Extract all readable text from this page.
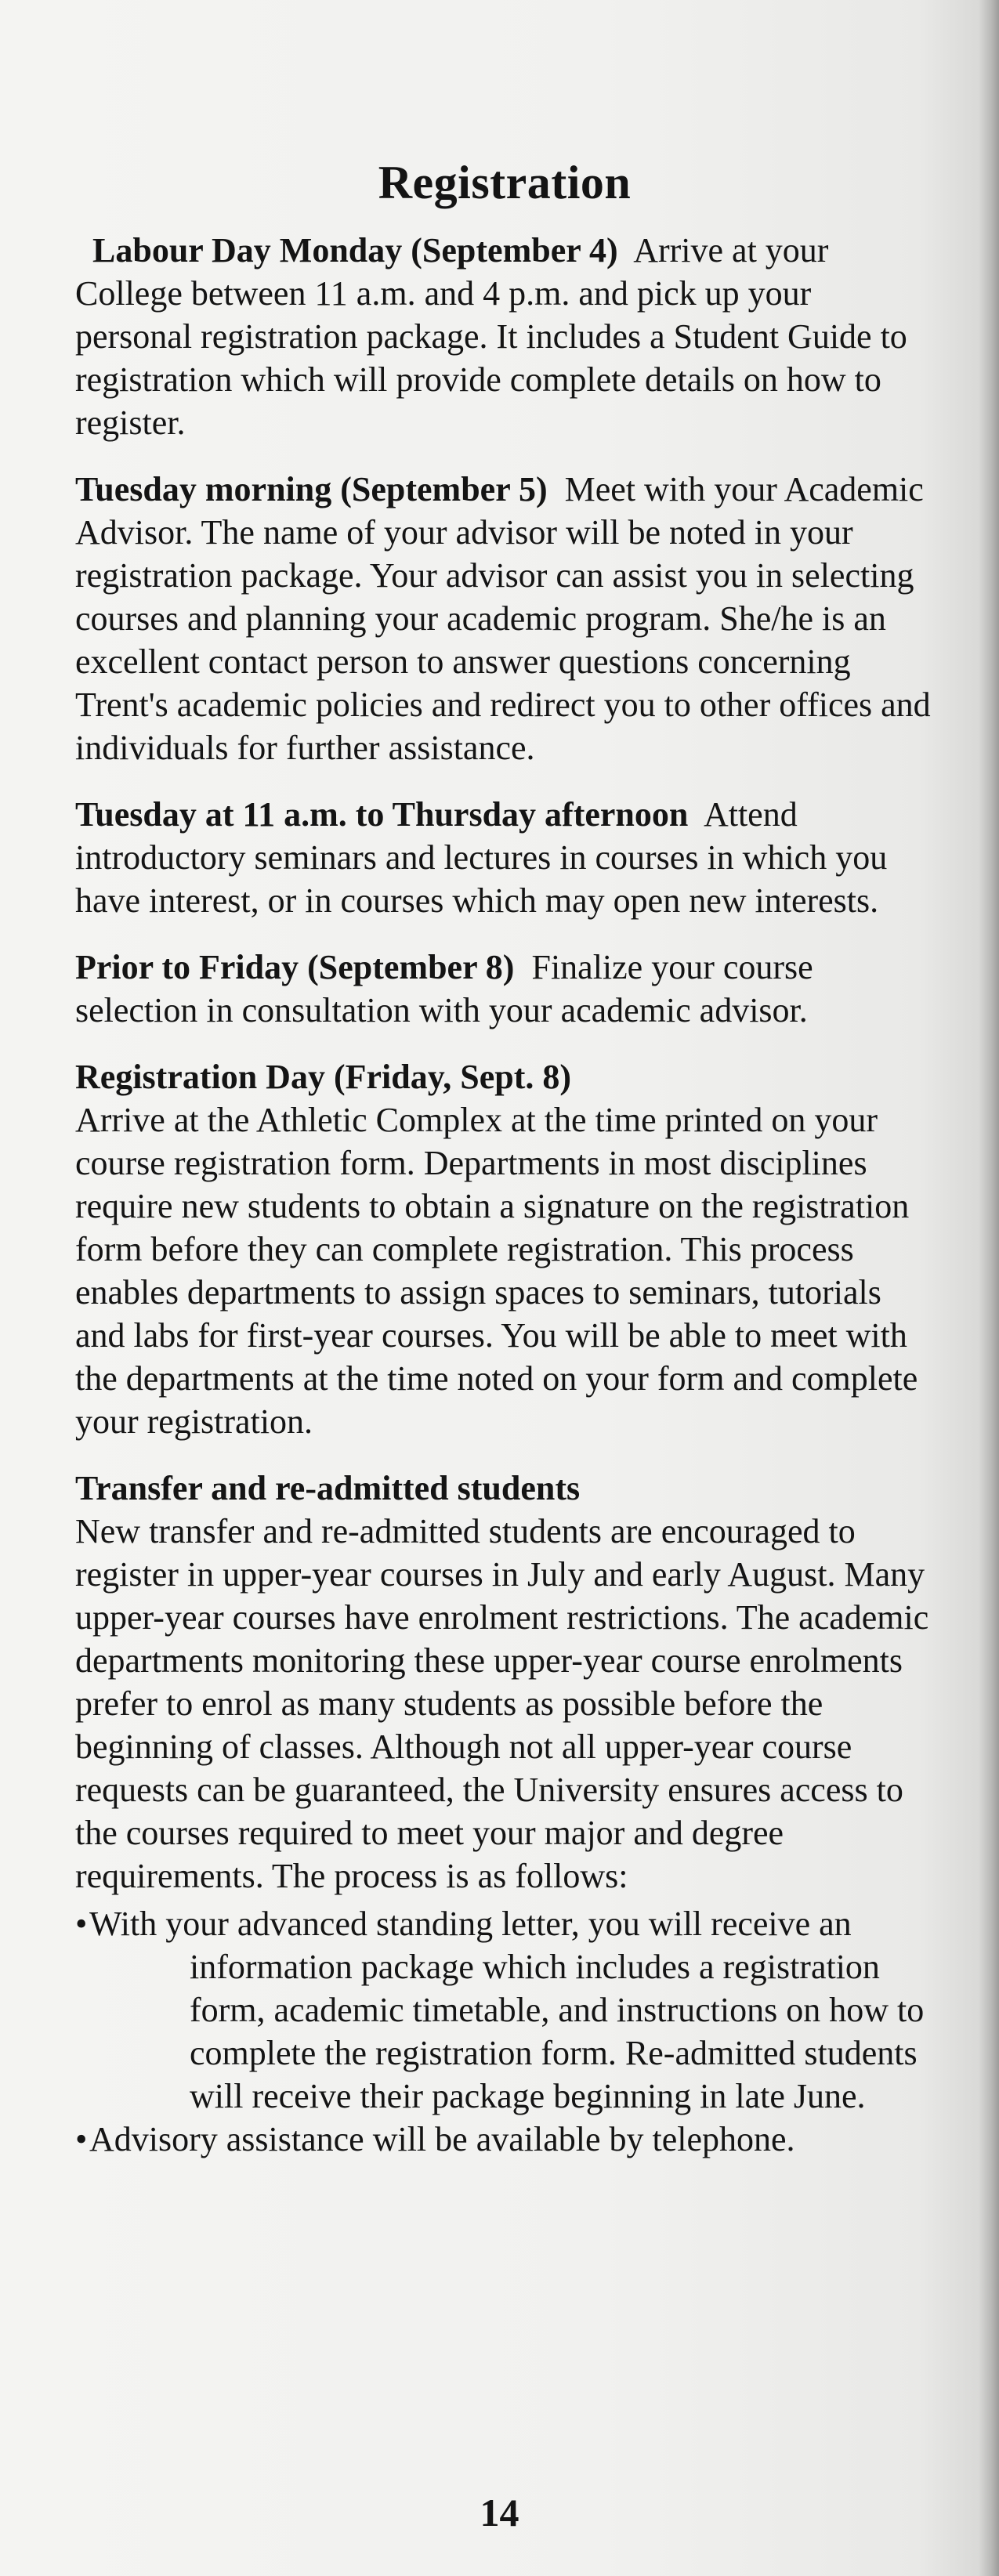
Registration

Labour Day Monday (September 4) Arrive at your College between 11 a.m. and 4 p.m. and pick up your personal registration package. It includes a Student Guide to registration which will provide complete details on how to register.

Tuesday morning (September 5) Meet with your Academic Advisor. The name of your advisor will be noted in your registration package. Your advisor can assist you in selecting courses and planning your academic program. She/he is an excellent contact person to answer questions concerning Trent's academic policies and redirect you to other offices and individuals for further assistance.

Tuesday at 11 a.m. to Thursday afternoon Attend introductory seminars and lectures in courses in which you have interest, or in courses which may open new interests.

Prior to Friday (September 8) Finalize your course selection in consultation with your academic advisor.

Registration Day (Friday, Sept. 8)
Arrive at the Athletic Complex at the time printed on your course registration form. Departments in most disciplines require new students to obtain a signature on the registration form before they can complete registration. This process enables departments to assign spaces to seminars, tutorials and labs for first-year courses. You will be able to meet with the departments at the time noted on your form and complete your registration.

Transfer and re-admitted students
New transfer and re-admitted students are encouraged to register in upper-year courses in July and early August. Many upper-year courses have enrolment restrictions. The academic departments monitoring these upper-year course enrolments prefer to enrol as many students as possible before the beginning of classes. Although not all upper-year course requests can be guaranteed, the University ensures access to the courses required to meet your major and degree requirements. The process is as follows:

•With your advanced standing letter, you will receive an information package which includes a registration form, academic timetable, and instructions on how to complete the registration form. Re-admitted students will receive their package beginning in late June.
•Advisory assistance will be available by telephone.
14
